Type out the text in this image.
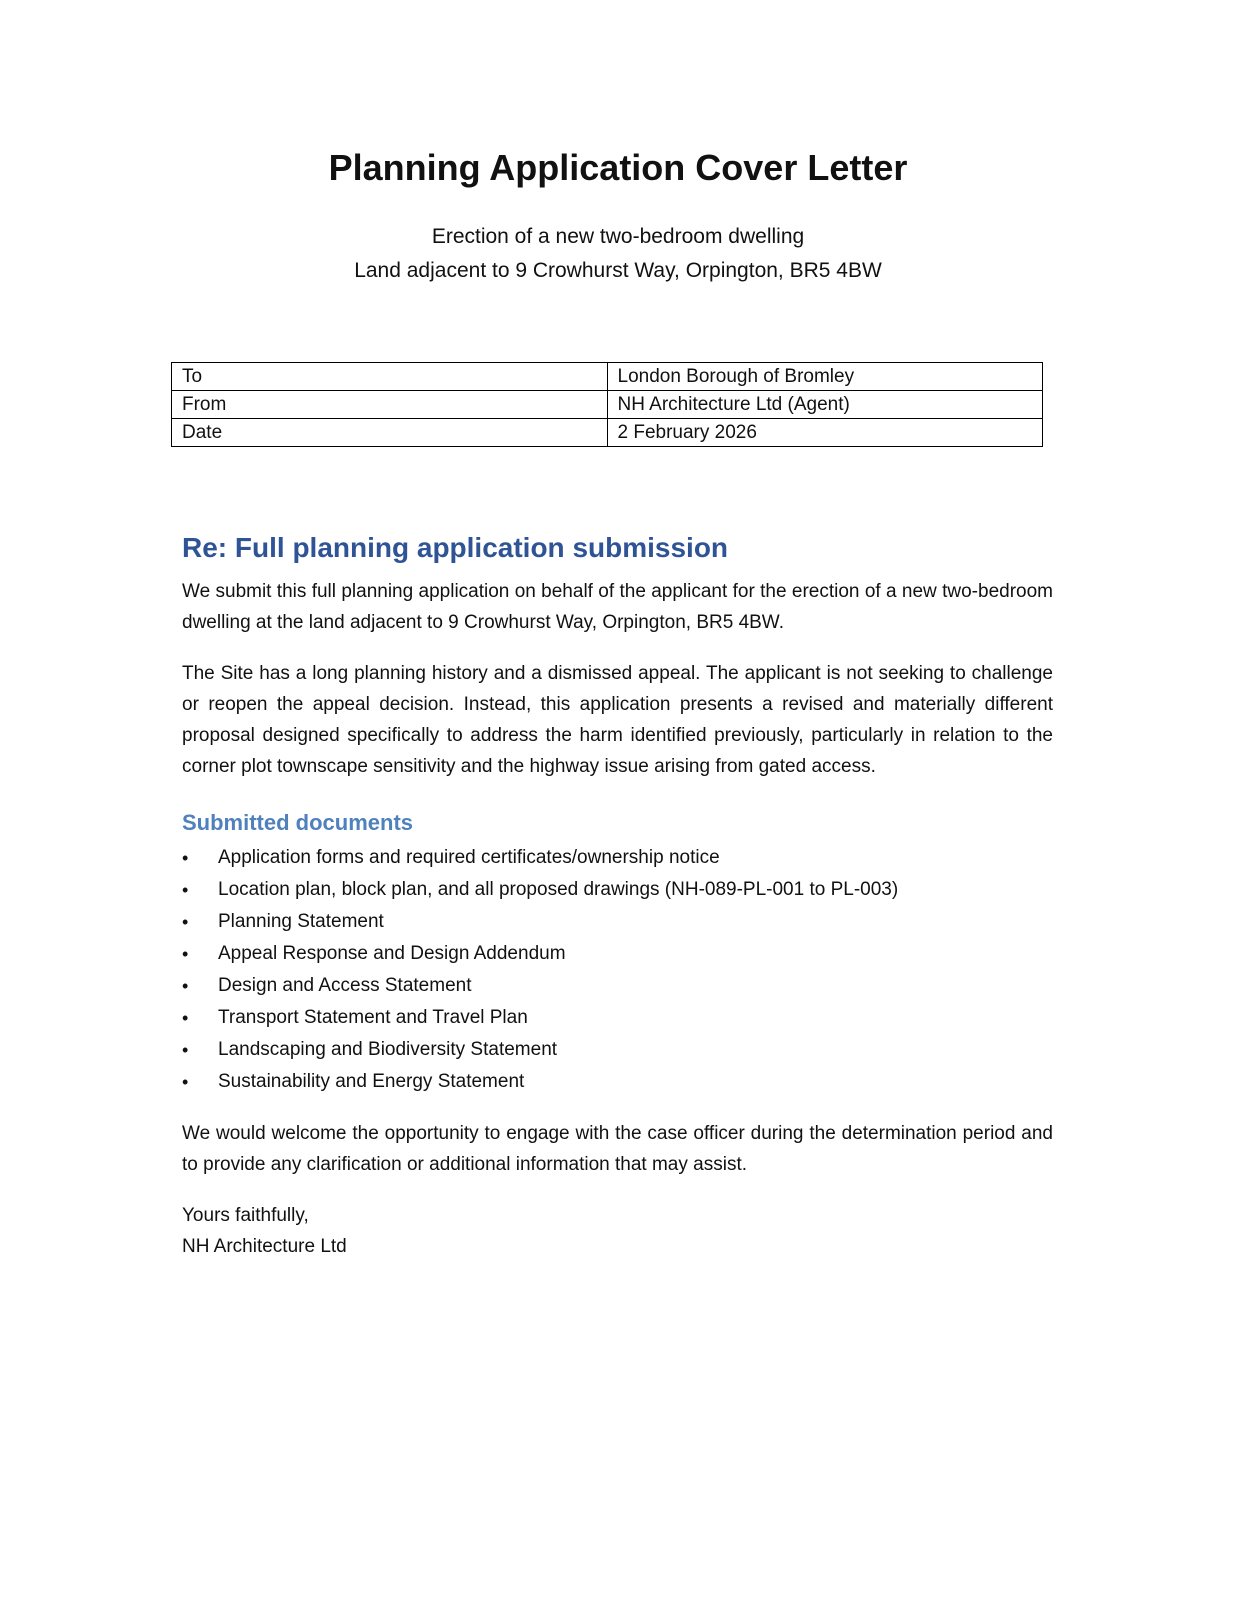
Planning Application Cover Letter

Erection of a new two-bedroom dwelling

Land adjacent to 9 Crowhurst Way, Orpington, BR5 4BW

To	London Borough of Bromley
From	NH Architecture Ltd (Agent)
Date	2 February 2026
Re: Full planning application submission

We submit this full planning application on behalf of the applicant for the erection of a new two-bedroom dwelling at the land adjacent to 9 Crowhurst Way, Orpington, BR5 4BW.

The Site has a long planning history and a dismissed appeal. The applicant is not seeking to challenge or reopen the appeal decision. Instead, this application presents a revised and materially different proposal designed specifically to address the harm identified previously, particularly in relation to the corner plot townscape sensitivity and the highway issue arising from gated access.

Submitted documents
• Application forms and required certificates/ownership notice
• Location plan, block plan, and all proposed drawings (NH-089-PL-001 to PL-003)
• Planning Statement
• Appeal Response and Design Addendum
• Design and Access Statement
• Transport Statement and Travel Plan
• Landscaping and Biodiversity Statement
• Sustainability and Energy Statement

We would welcome the opportunity to engage with the case officer during the determination period and to provide any clarification or additional information that may assist.

Yours faithfully,

NH Architecture Ltd
